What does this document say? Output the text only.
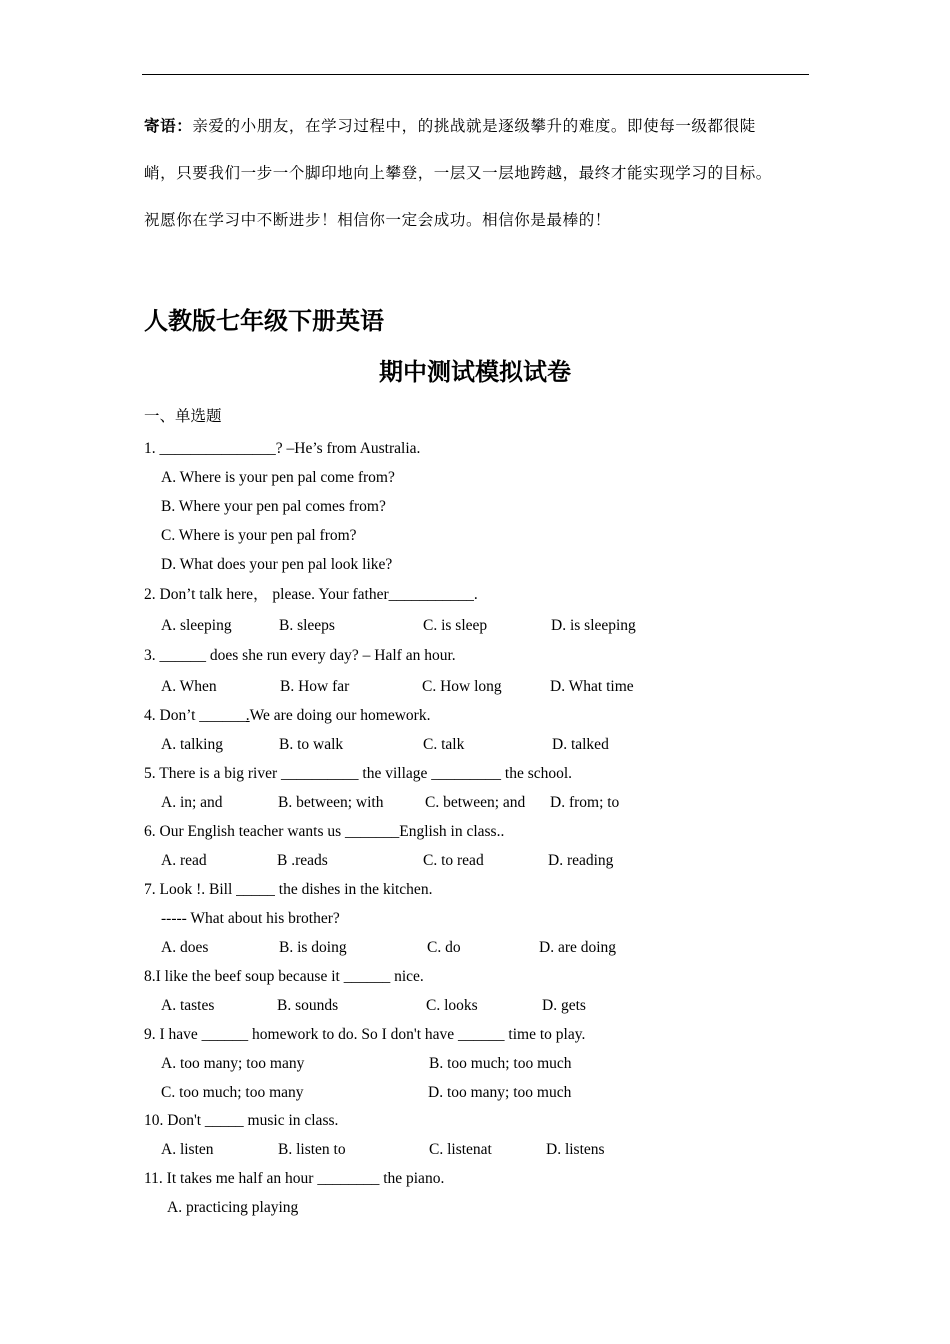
寄语：亲爱的小朋友，在学习过程中，的挑战就是逐级攀升的难度。即使每一级都很陡
峭，只要我们一步一个脚印地向上攀登，一层又一层地跨越，最终才能实现学习的目标。
祝愿你在学习中不断进步！相信你一定会成功。相信你是最棒的！
人教版七年级下册英语
期中测试模拟试卷
一、单选题
1. _______________? –He’s from Australia.
A. Where is your pen pal come from?
B. Where your pen pal comes from?
C. Where is your pen pal from?
D. What does your pen pal look like?
2. Don’t talk here， please. Your father___________.
A. sleeping	B. sleeps	C. is sleep	D. is sleeping
3. ______ does she run every day? – Half an hour.
A. When	B. How far	C. How long	D. What time
4. Don’t ______.We are doing our homework.
A. talking	B. to walk	C. talk	D. talked
5. There is a big river __________ the village _________ the school.
A. in; and	B. between; with	C. between; and D. from; to
6. Our English teacher wants us _______English in class..
A. read	B .reads	C. to read	D. reading
7. Look !. Bill _____ the dishes in the kitchen.
----- What about his brother?
A. does	B. is doing	C. do	D. are doing
8.I like the beef soup because it ______ nice.
A. tastes	B. sounds	C. looks	D. gets
9. I have ______ homework to do. So I don't have ______ time to play.
A. too many; too many	B. too much; too much
C. too much; too many	D. too many; too much
10. Don't _____ music in class.
A. listen	B. listen to	C. listenat	D. listens
11. It takes me half an hour ________ the piano.
A. practicing playing
